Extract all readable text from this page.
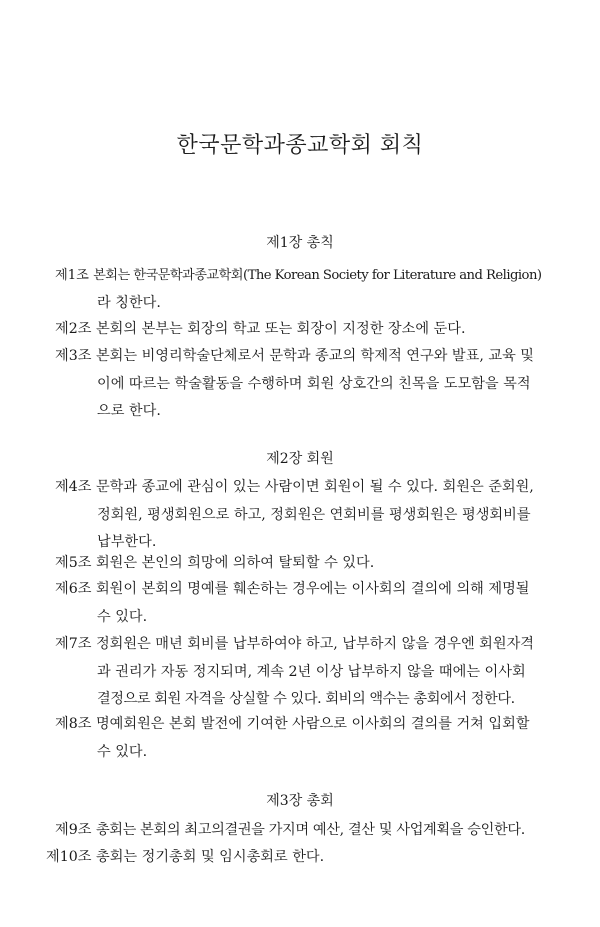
한국문학과종교학회 회칙
제1장 총칙
제1조 본회는 한국문학과종교학회(The Korean Society for Literature and Religion)
라 칭한다.
제2조 본회의 본부는 회장의 학교 또는 회장이 지정한 장소에 둔다.
제3조 본회는 비영리학술단체로서 문학과 종교의 학제적 연구와 발표, 교육 및
이에 따르는 학술활동을 수행하며 회원 상호간의 친목을 도모함을 목적
으로 한다.
제2장 회원
제4조 문학과 종교에 관심이 있는 사람이면 회원이 될 수 있다. 회원은 준회원,
정회원, 평생회원으로 하고, 정회원은 연회비를 평생회원은 평생회비를
납부한다.
제5조 회원은 본인의 희망에 의하여 탈퇴할 수 있다.
제6조 회원이 본회의 명예를 훼손하는 경우에는 이사회의 결의에 의해 제명될
수 있다.
제7조 정회원은 매년 회비를 납부하여야 하고, 납부하지 않을 경우엔 회원자격
과 권리가 자동 정지되며, 계속 2년 이상 납부하지 않을 때에는 이사회
결정으로 회원 자격을 상실할 수 있다. 회비의 액수는 총회에서 정한다.
제8조 명예회원은 본회 발전에 기여한 사람으로 이사회의 결의를 거쳐 입회할
수 있다.
제3장 총회
제9조 총회는 본회의 최고의결권을 가지며 예산, 결산 및 사업계획을 승인한다.
제10조 총회는 정기총회 및 임시총회로 한다.
